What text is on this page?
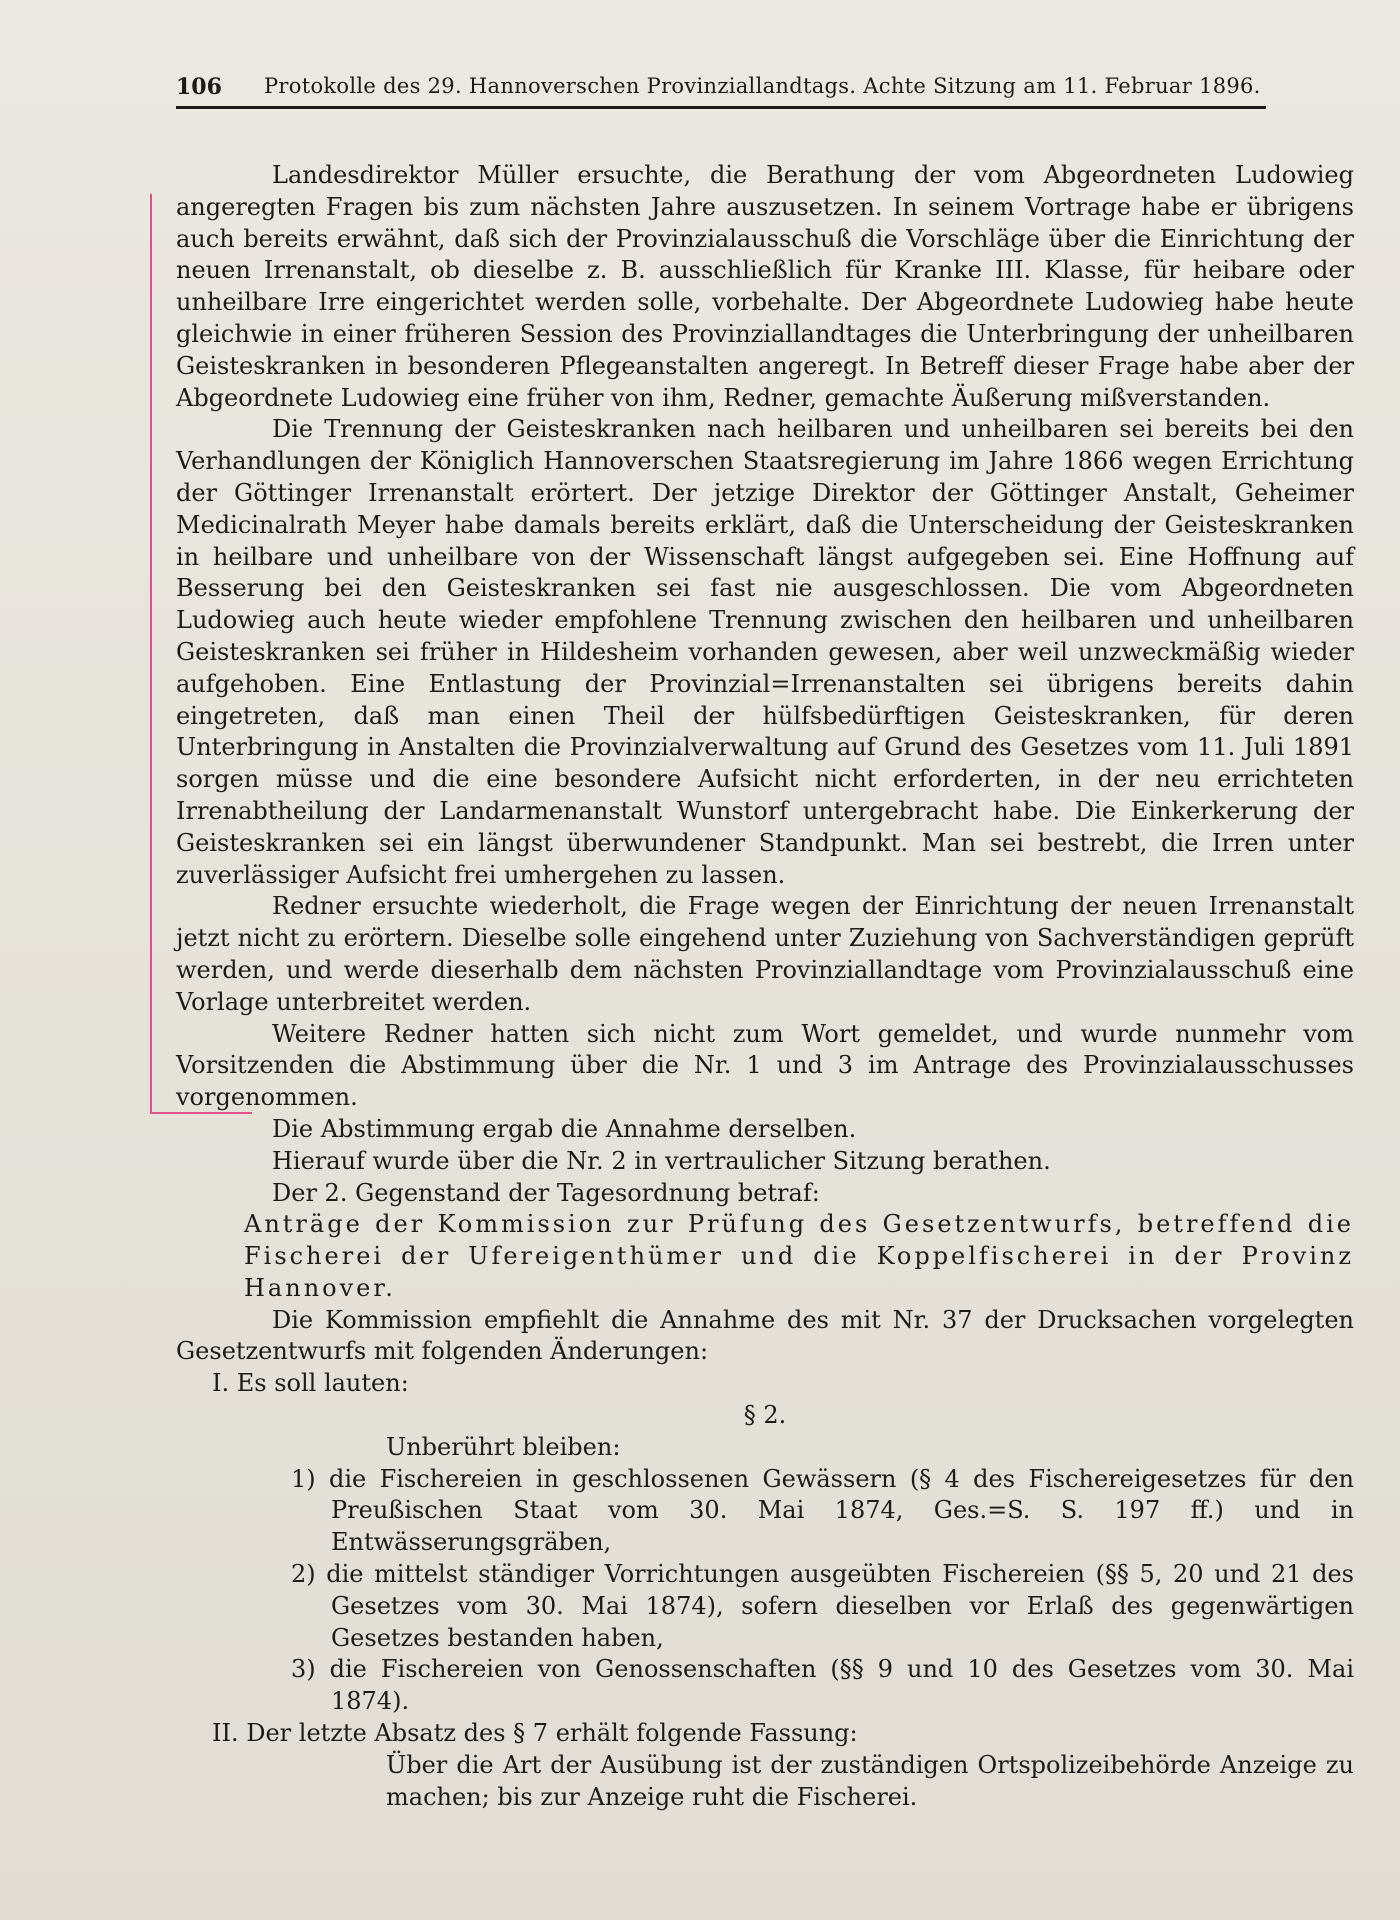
106 Protokolle des 29. Hannoverschen Provinziallandtags. Achte Sitzung am 11. Februar 1896.

Landesdirektor Müller ersuchte, die Berathung der vom Abgeordneten Ludowieg angeregten Fragen bis zum nächsten Jahre auszusetzen. In seinem Vortrage habe er übrigens auch bereits erwähnt, daß sich der Provinzialausschuß die Vorschläge über die Einrichtung der neuen Irrenanstalt, ob dieselbe z. B. ausschließlich für Kranke III. Klasse, für heibare oder unheilbare Irre eingerichtet werden solle, vorbehalte. Der Abgeordnete Ludowieg habe heute gleichwie in einer früheren Session des Provinziallandtages die Unterbringung der unheilbaren Geisteskranken in besonderen Pflegeanstalten angeregt. In Betreff dieser Frage habe aber der Abgeordnete Ludowieg eine früher von ihm, Redner, gemachte Äußerung mißverstanden.

Die Trennung der Geisteskranken nach heilbaren und unheilbaren sei bereits bei den Verhandlungen der Königlich Hannoverschen Staatsregierung im Jahre 1866 wegen Errichtung der Göttinger Irrenanstalt erörtert. Der jetzige Direktor der Göttinger Anstalt, Geheimer Medicinalrath Meyer habe damals bereits erklärt, daß die Unterscheidung der Geisteskranken in heilbare und unheilbare von der Wissenschaft längst aufgegeben sei. Eine Hoffnung auf Besserung bei den Geisteskranken sei fast nie ausgeschlossen. Die vom Abgeordneten Ludowieg auch heute wieder empfohlene Trennung zwischen den heilbaren und unheilbaren Geisteskranken sei früher in Hildesheim vorhanden gewesen, aber weil unzweckmäßig wieder aufgehoben. Eine Entlastung der Provinzial=Irrenanstalten sei übrigens bereits dahin eingetreten, daß man einen Theil der hülfsbedürftigen Geisteskranken, für deren Unterbringung in Anstalten die Provinzialverwaltung auf Grund des Gesetzes vom 11. Juli 1891 sorgen müsse und die eine besondere Aufsicht nicht erforderten, in der neu errichteten Irrenabtheilung der Landarmenanstalt Wunstorf untergebracht habe. Die Einkerkerung der Geisteskranken sei ein längst überwundener Standpunkt. Man sei bestrebt, die Irren unter zuverlässiger Aufsicht frei umhergehen zu lassen.

Redner ersuchte wiederholt, die Frage wegen der Einrichtung der neuen Irrenanstalt jetzt nicht zu erörtern. Dieselbe solle eingehend unter Zuziehung von Sachverständigen geprüft werden, und werde dieserhalb dem nächsten Provinziallandtage vom Provinzialausschuß eine Vorlage unterbreitet werden.

Weitere Redner hatten sich nicht zum Wort gemeldet, und wurde nunmehr vom Vorsitzenden die Abstimmung über die Nr. 1 und 3 im Antrage des Provinzialausschusses vorgenommen.

Die Abstimmung ergab die Annahme derselben.

Hierauf wurde über die Nr. 2 in vertraulicher Sitzung berathen.

Der 2. Gegenstand der Tagesordnung betraf:

Anträge der Kommission zur Prüfung des Gesetzentwurfs, betreffend die Fischerei der Ufereigenthümer und die Koppelfischerei in der Provinz Hannover.

Die Kommission empfiehlt die Annahme des mit Nr. 37 der Drucksachen vorgelegten Gesetzentwurfs mit folgenden Änderungen:

I. Es soll lauten:

§ 2.

Unberührt bleiben:

1) die Fischereien in geschlossenen Gewässern (§ 4 des Fischereigesetzes für den Preußischen Staat vom 30. Mai 1874, Ges.=S. S. 197 ff.) und in Entwässerungsgräben,

2) die mittelst ständiger Vorrichtungen ausgeübten Fischereien (§§ 5, 20 und 21 des Gesetzes vom 30. Mai 1874), sofern dieselben vor Erlaß des gegenwärtigen Gesetzes bestanden haben,

3) die Fischereien von Genossenschaften (§§ 9 und 10 des Gesetzes vom 30. Mai 1874).

II. Der letzte Absatz des § 7 erhält folgende Fassung:

Über die Art der Ausübung ist der zuständigen Ortspolizeibehörde Anzeige zu machen; bis zur Anzeige ruht die Fischerei.
